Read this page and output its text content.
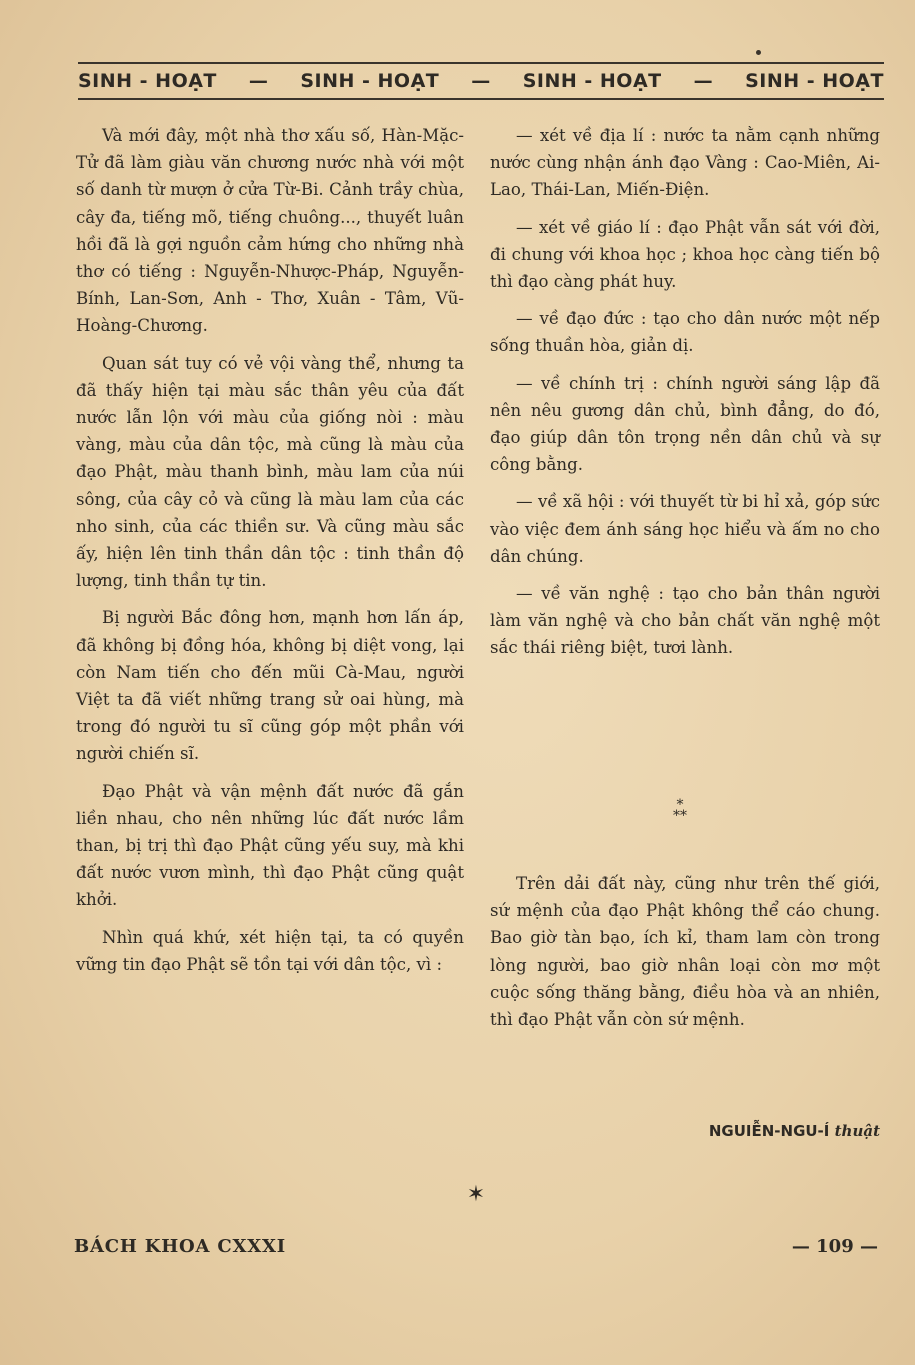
SINH - HOẠT — SINH - HOẠT — SINH - HOẠT — SINH - HOẠT

Và mới đây, một nhà thơ xấu số, Hàn-Mặc-Tử đã làm giàu văn chương nước nhà với một số danh từ mượn ở cửa Từ-Bi. Cảnh trầy chùa, cây đa, tiếng mõ, tiếng chuông..., thuyết luân hồi đã là gợi nguồn cảm hứng cho những nhà thơ có tiếng : Nguyễn-Nhược-Pháp, Nguyễn-Bính, Lan-Sơn, Anh - Thơ, Xuân - Tâm, Vũ-Hoàng-Chương.

Quan sát tuy có vẻ vội vàng thể, nhưng ta đã thấy hiện tại màu sắc thân yêu của đất nước lẫn lộn với màu của giống nòi : màu vàng, màu của dân tộc, mà cũng là màu của đạo Phật, màu thanh bình, màu lam của núi sông, của cây cỏ và cũng là màu lam của các nho sinh, của các thiền sư. Và cũng màu sắc ấy, hiện lên tinh thần dân tộc : tinh thần độ lượng, tinh thần tự tin.

Bị người Bắc đông hơn, mạnh hơn lấn áp, đã không bị đồng hóa, không bị diệt vong, lại còn Nam tiến cho đến mũi Cà-Mau, người Việt ta đã viết những trang sử oai hùng, mà trong đó người tu sĩ cũng góp một phần với người chiến sĩ.

Đạo Phật và vận mệnh đất nước đã gắn liền nhau, cho nên những lúc đất nước lầm than, bị trị thì đạo Phật cũng yếu suy, mà khi đất nước vươn mình, thì đạo Phật cũng quật khởi.

Nhìn quá khứ, xét hiện tại, ta có quyền vững tin đạo Phật sẽ tồn tại với dân tộc, vì :

— xét về địa lí : nước ta nằm cạnh những nước cùng nhận ánh đạo Vàng : Cao-Miên, Ai-Lao, Thái-Lan, Miến-Điện.

— xét về giáo lí : đạo Phật vẫn sát với đời, đi chung với khoa học ; khoa học càng tiến bộ thì đạo càng phát huy.

— về đạo đức : tạo cho dân nước một nếp sống thuần hòa, giản dị.

— về chính trị : chính người sáng lập đã nên nêu gương dân chủ, bình đẳng, do đó, đạo giúp dân tôn trọng nền dân chủ và sự công bằng.

— về xã hội : với thuyết từ bi hỉ xả, góp sức vào việc đem ánh sáng học hiểu và ấm no cho dân chúng.

— về văn nghệ : tạo cho bản thân người làm văn nghệ và cho bản chất văn nghệ một sắc thái riêng biệt, tươi lành.

*
**

Trên dải đất này, cũng như trên thế giới, sứ mệnh của đạo Phật không thể cáo chung. Bao giờ tàn bạo, ích kỉ, tham lam còn trong lòng người, bao giờ nhân loại còn mơ một cuộc sống thăng bằng, điều hòa và an nhiên, thì đạo Phật vẫn còn sứ mệnh.

NGUIỄN-NGU-Í thuật
✶
BÁCH KHOA CXXXI	— 109 —
